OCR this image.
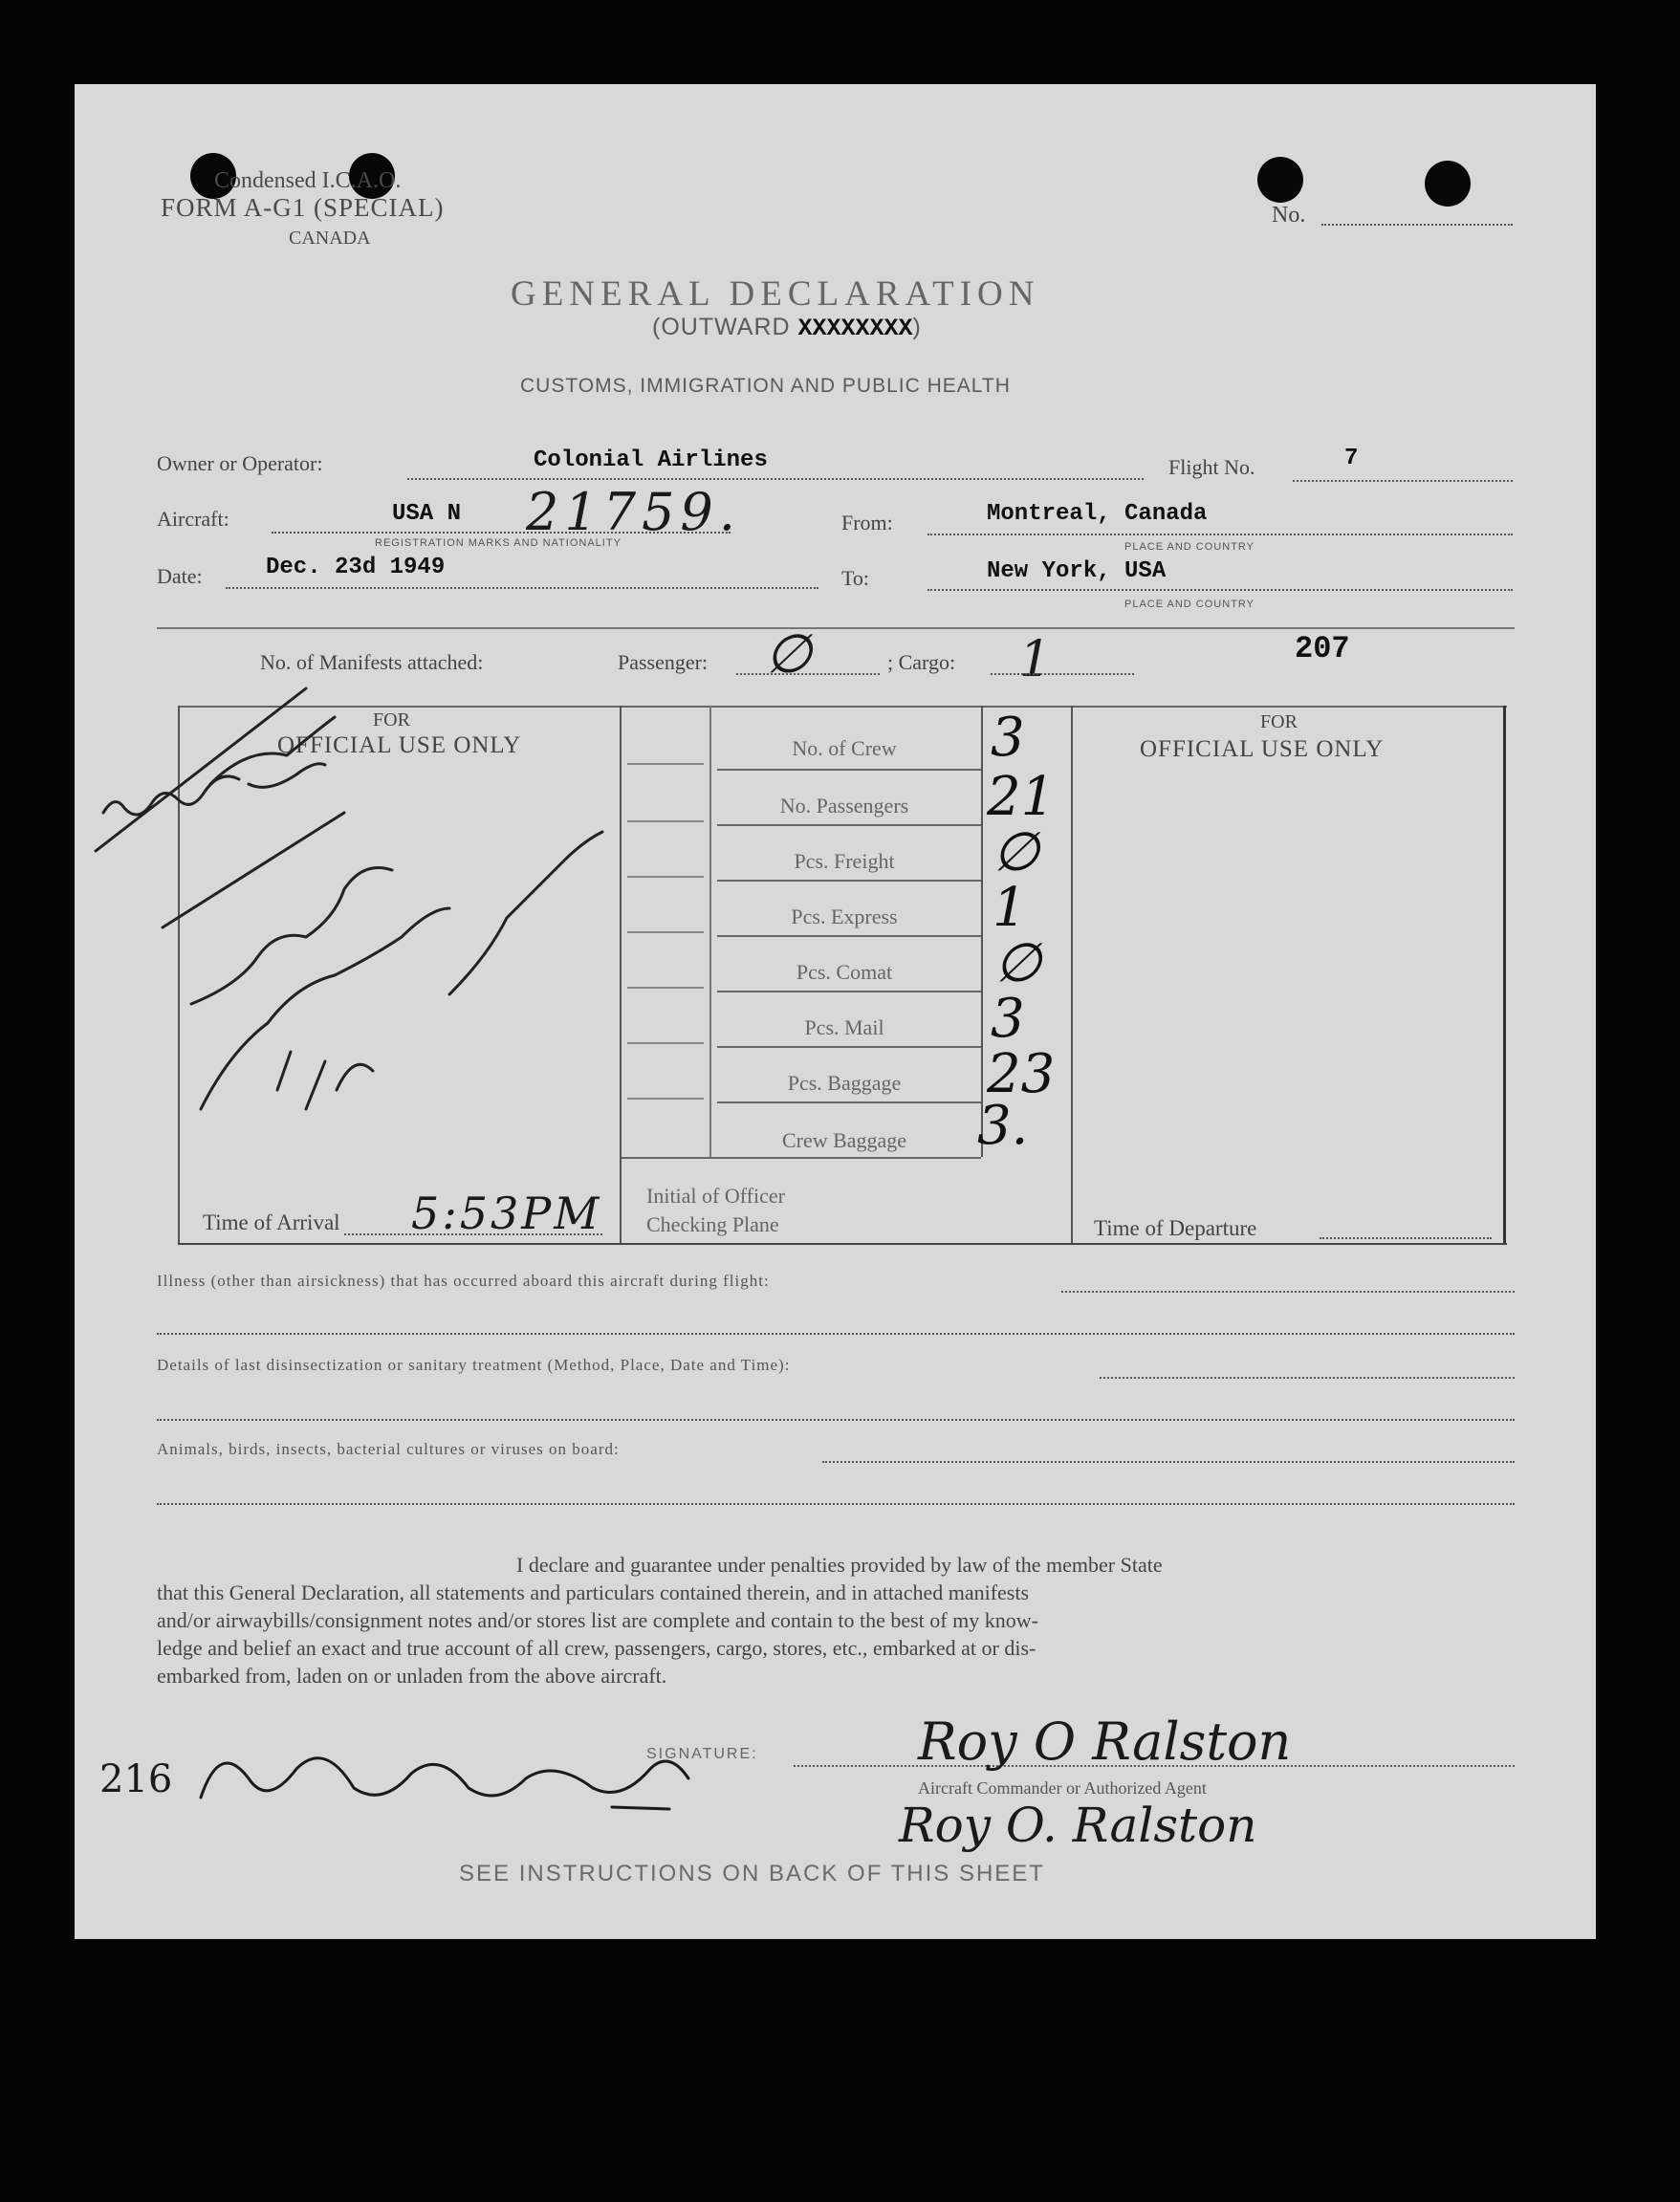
Condensed I.C.A.O.
FORM A-G1 (SPECIAL)
CANADA
No.
GENERAL DECLARATION
(OUTWARD XXXXXXXX)
CUSTOMS, IMMIGRATION AND PUBLIC HEALTH
Owner or Operator:	Colonial Airlines	Flight No.	7
Aircraft:	USA N 21759.
REGISTRATION MARKS AND NATIONALITY
From:	Montreal, Canada
PLACE AND COUNTRY
Date:	Dec. 23d 1949	To:	New York, USA
PLACE AND COUNTRY
No. of Manifests attached:	Passenger: ∅	; Cargo: 1	207
FOR
OFFICIAL USE ONLY
Time of Arrival 5:53PM
No. of Crew	3
No. Passengers	21
Pcs. Freight	∅
Pcs. Express	1
Pcs. Comat	∅
Pcs. Mail	3
Pcs. Baggage	23
Crew Baggage	3.
Initial of Officer
Checking Plane
FOR
OFFICIAL USE ONLY
Time of Departure
Illness (other than airsickness) that has occurred aboard this aircraft during flight:
Details of last disinsectization or sanitary treatment (Method, Place, Date and Time):
Animals, birds, insects, bacterial cultures or viruses on board:
I declare and guarantee under penalties provided by law of the member State
that this General Declaration, all statements and particulars contained therein, and in attached manifests
and/or airwaybills/consignment notes and/or stores list are complete and contain to the best of my know-
ledge and belief an exact and true account of all crew, passengers, cargo, stores, etc., embarked at or dis-
embarked from, laden on or unladen from the above aircraft.
SIGNATURE:
Aircraft Commander or Authorized Agent
Roy O Ralston
Roy O. Ralston
216
SEE INSTRUCTIONS ON BACK OF THIS SHEET
